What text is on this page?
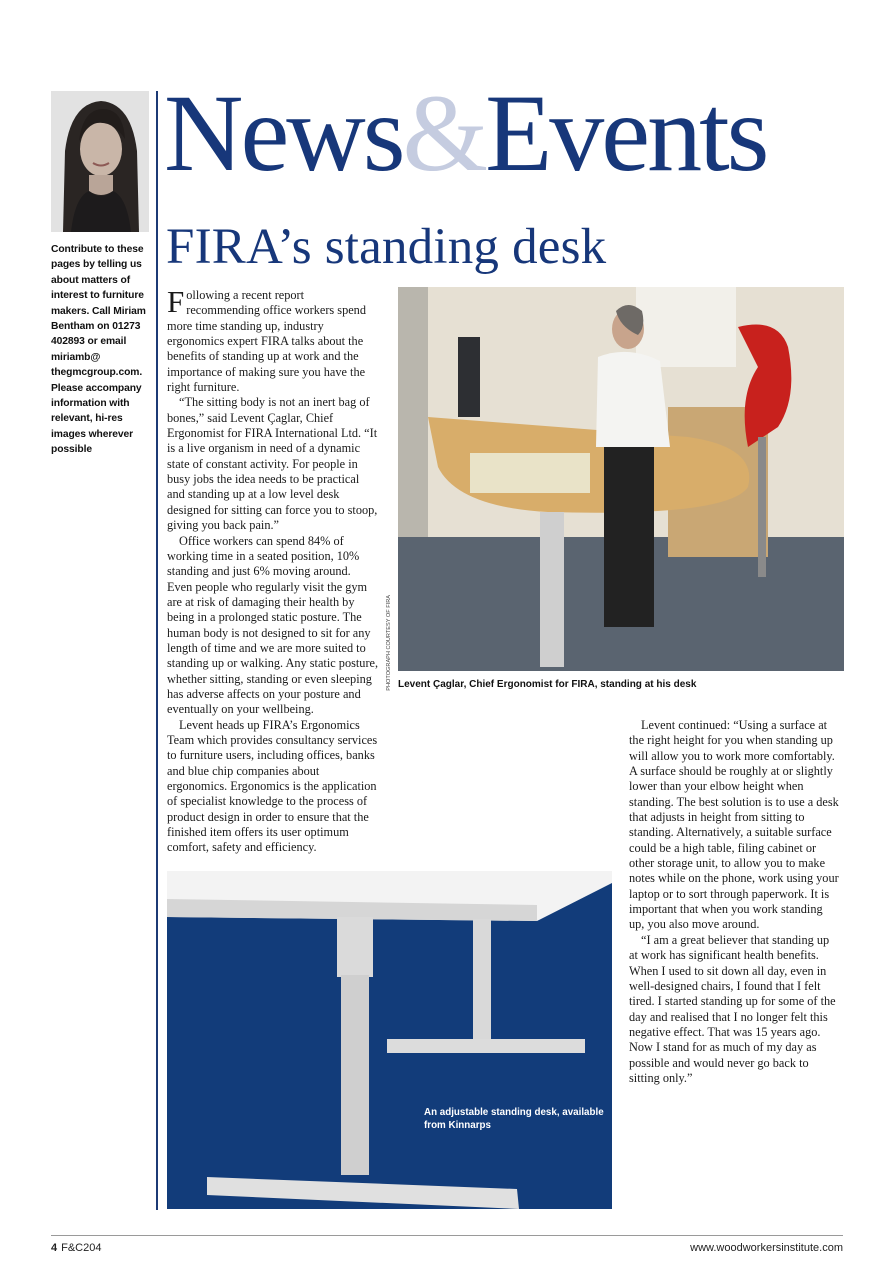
Contribute to these pages by telling us about matters of interest to furniture makers. Call Miriam Bentham on 01273 402893 or email miriamb@ thegmcgroup.com. Please accompany information with relevant, hi-res images wherever possible
News&Events
FIRA’s standing desk

Following a recent report recommending office workers spend more time standing up, industry ergonomics expert FIRA talks about the benefits of standing up at work and the importance of making sure you have the right furniture.

“The sitting body is not an inert bag of bones,” said Levent Çaglar, Chief Ergonomist for FIRA International Ltd. “It is a live organism in need of a dynamic state of constant activity. For people in busy jobs the idea needs to be practical and standing up at a low level desk designed for sitting can force you to stoop, giving you back pain.”

Office workers can spend 84% of working time in a seated position, 10% standing and just 6% moving around. Even people who regularly visit the gym are at risk of damaging their health by being in a prolonged static posture. The human body is not designed to sit for any length of time and we are more suited to standing up or walking. Any static posture, whether sitting, standing or even sleeping has adverse affects on your posture and eventually on your wellbeing.

Levent heads up FIRA’s Ergonomics Team which provides consultancy services to furniture users, including offices, banks and blue chip companies about ergonomics. Ergonomics is the application of specialist knowledge to the process of product design in order to ensure that the finished item offers its user optimum comfort, safety and efficiency.

PHOTOGRAPH COURTESY OF FIRA Levent Çaglar, Chief Ergonomist for FIRA, standing at his desk

Levent continued: “Using a surface at the right height for you when standing up will allow you to work more comfortably. A surface should be roughly at or slightly lower than your elbow height when standing. The best solution is to use a desk that adjusts in height from sitting to standing. Alternatively, a suitable surface could be a high table, filing cabinet or other storage unit, to allow you to make notes while on the phone, work using your laptop or to sort through paperwork. It is important that when you work standing up, you also move around.

“I am a great believer that standing up at work has significant health benefits. When I used to sit down all day, even in well-designed chairs, I found that I felt tired. I started standing up for some of the day and realised that I no longer felt this negative effect. That was 15 years ago. Now I stand for as much of my day as possible and would never go back to sitting only.”

An adjustable standing desk, available from Kinnarps
4 F&C204	www.woodworkersinstitute.com
